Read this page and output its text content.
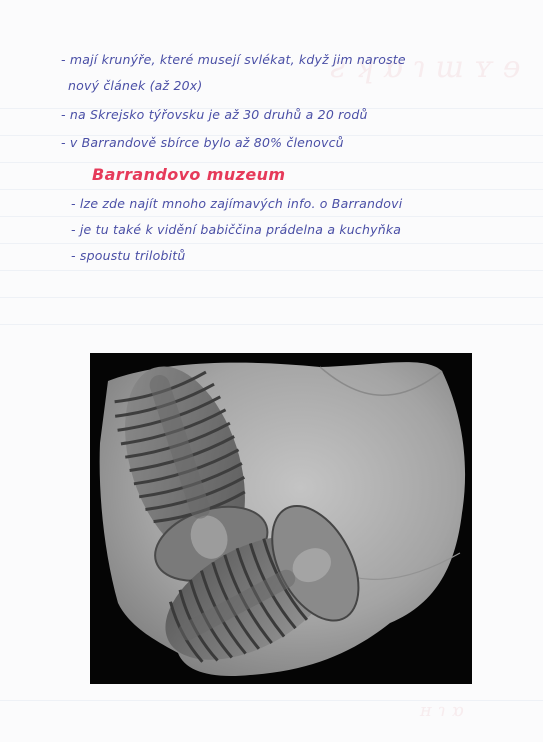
ƨ ʞ ɒ ɿ ɯ ʏ ɘ
ʜ ɿ ɒ
- mají krunýře, které musejí svlékat, když jim naroste
nový článek (až 20x)
- na Skrejsko týřovsku je až 30 druhů a 20 rodů
- v Barrandově sbírce bylo až 80% členovců
Barrandovo muzeum
- lze zde najít mnoho zajímavých info. o Barrandovi
- je tu také k vidění babiččina prádelna a kuchyňka
- spoustu trilobitů
